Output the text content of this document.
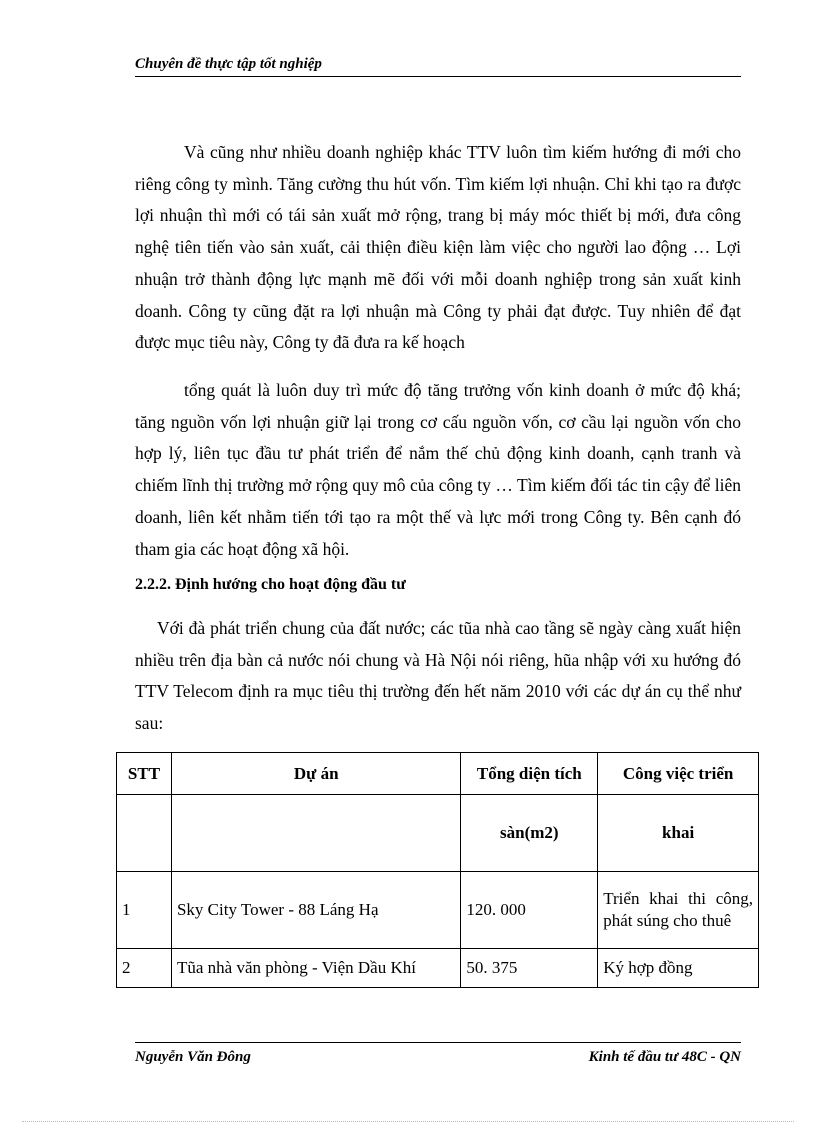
Chuyên đề thực tập tốt nghiệp
Và cũng như nhiều doanh nghiệp khác TTV luôn tìm kiếm hướng đi mới cho riêng công ty mình. Tăng cường thu hút vốn. Tìm kiếm lợi nhuận. Chỉ khi tạo ra được lợi nhuận thì mới có tái sản xuất mở rộng, trang bị máy móc thiết bị mới, đưa công nghệ tiên tiến vào sản xuất, cải thiện điều kiện làm việc cho người lao động … Lợi nhuận trở thành động lực mạnh mẽ đối với mỗi doanh nghiệp trong sản xuất kinh doanh. Công ty cũng đặt ra lợi nhuận mà Công ty phải đạt được. Tuy nhiên để đạt được mục tiêu này, Công ty đã đưa ra kế hoạch
tổng quát là luôn duy trì mức độ tăng trưởng vốn kinh doanh ở mức độ khá; tăng nguồn vốn lợi nhuận giữ lại trong cơ cấu nguồn vốn, cơ cầu lại nguồn vốn cho hợp lý, liên tục đầu tư phát triển để nắm thế chủ động kinh doanh, cạnh tranh và chiếm lĩnh thị trường mở rộng quy mô của công ty … Tìm kiếm đối tác tin cậy để liên doanh, liên kết nhằm tiến tới tạo ra một thế và lực mới trong Công ty. Bên cạnh đó tham gia các hoạt động xã hội.
2.2.2. Định hướng cho hoạt động đầu tư
Với đà phát triển chung của đất nước; các tũa nhà cao tầng sẽ ngày càng xuất hiện nhiều trên địa bàn cả nước nói chung và Hà Nội nói riêng, hũa nhập với xu hướng đó TTV Telecom định ra mục tiêu thị trường đến hết năm 2010 với các dự án cụ thể như sau:
STT	Dự án	Tổng diện tích	Công việc triển
		sàn(m2)	khai
1	Sky City Tower - 88 Láng Hạ	120. 000	Triển khai thi công, phát súng cho thuê
2	Tũa nhà văn phòng - Viện Dầu Khí	50. 375	Ký hợp đồng
Nguyễn Văn Đông	Kinh tế đầu tư 48C - QN
